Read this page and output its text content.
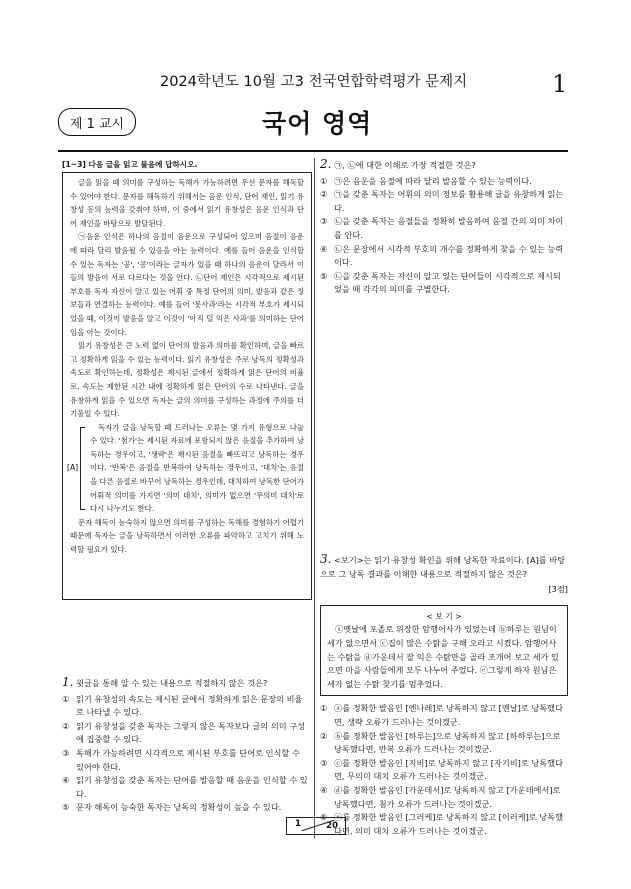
2024학년도 10월 고3 전국연합학력평가 문제지	1
제 1 교시	국어 영역
[1~3] 다음 글을 읽고 물음에 답하시오.

글을 읽을 때 의미를 구성하는 독해가 가능하려면 우선 문자를 해독할 수 있어야 한다. 문자를 해독하기 위해서는 음운 인식, 단어 재인, 읽기 유창성 등의 능력을 갖춰야 하며, 이 중에서 읽기 유창성은 음운 인식과 단어 재인을 바탕으로 발달된다.

㉠음운 인식은 하나의 음절이 음운으로 구성되어 있으며 음절이 음운에 따라 달리 발음될 수 있음을 아는 능력이다. 예를 들어 음운을 인식할 수 있는 독자는 '공', '콩'이라는 글자가 있을 때 하나의 음운이 달라서 이들의 발음이 서로 다르다는 것을 안다. ㉡단어 재인은 시각적으로 제시된 부호를 독자 자신이 알고 있는 어휘 중 특정 단어의 의미, 발음과 같은 정보들과 연결하는 능력이다. 예를 들어 '못사과'라는 시각적 부호가 제시되었을 때, 이것이 발음을 알고 이것이 '아직 덜 익은 사과'를 의미하는 단어임을 아는 것이다.

읽기 유창성은 큰 노력 없이 단어의 발음과 의미를 확인하며, 글을 빠르고 정확하게 읽을 수 있는 능력이다. 읽기 유창성은 주로 낭독의 정확성과 속도로 확인하는데, 정확성은 제시된 글에서 정확하게 읽은 단어의 비율로, 속도는 제한된 시간 내에 정확하게 읽은 단어의 수로 나타낸다. 글을 유창하게 읽을 수 있으면 독자는 글의 의미를 구성하는 과정에 주의를 더 기울일 수 있다.

[A]

독자가 글을 낭독할 때 드러나는 오류는 몇 가지 유형으로 나눌 수 있다. '첨가'는 제시된 자료에 포함되지 않은 음절을 추가하여 낭독하는 경우이고, '생략'은 제시된 음절을 빠뜨리고 낭독하는 경우이다. '반복'은 음절을 반복하여 낭독하는 경우이고, '대치'는 음절을 다른 음절로 바꾸어 낭독하는 경우인데, 대치하여 낭독한 단어가 어휘적 의미를 가지면 '의미 대치', 의미가 없으면 '무의미 대치'로 다시 나누기도 한다.

문자 해독이 능숙하지 않으면 의미를 구성하는 독해를 경험하기 어렵기 때문에 독자는 글을 낭독하면서 이러한 오류를 파악하고 고치기 위해 노력할 필요가 있다.

1. 윗글을 통해 알 수 있는 내용으로 적절하지 않은 것은?

① 읽기 유창성의 속도는 제시된 글에서 정확하게 읽은 문장의 비율로 나타낼 수 있다.
② 읽기 유창성을 갖춘 독자는 그렇지 않은 독자보다 글의 의미 구성에 집중할 수 있다.
③ 독해가 가능하려면 시각적으로 제시된 부호를 단어로 인식할 수 있어야 한다.
④ 읽기 유창성을 갖춘 독자는 단어를 발음할 때 음운을 인식할 수 있다.
⑤ 문자 해독이 능숙한 독자는 낭독의 정확성이 높을 수 있다.

2. ㉠, ㉡에 대한 이해로 가장 적절한 것은?

① ㉠은 음운을 음절에 따라 달리 발음할 수 있는 능력이다.
② ㉠을 갖춘 독자는 어휘의 의미 정보를 활용해 글을 유창하게 읽는다.
③ ㉡을 갖춘 독자는 음절들을 정확히 발음하여 음절 간의 의미 차이를 안다.
④ ㉡은 문장에서 시각적 부호의 개수를 정확하게 찾을 수 있는 능력이다.
⑤ ㉡을 갖춘 독자는 자신이 알고 있는 단어들이 시각적으로 제시되었을 때 각각의 의미를 구별한다.

3. <보기>는 읽기 유창성 확인을 위해 낭독한 자료이다. [A]를 바탕으로 그 낭독 결과를 이해한 내용으로 적절하지 않은 것은?

[3점]
< 보 기 >
ⓐ옛날에 포졸로 위장한 암행어사가 있었는데 ⓑ하루는 원님이 세가 없으면서 ⓒ집이 많은 수탉을 구해 오라고 시켰다. 암행어사는 수탉을 ⓓ가운데서 잘 익은 수탉만을 골라 조개어 보고 세가 있으면 마을 사람들에게 모두 나누어 주었다. ⓔ그렇게 하자 원님은 세가 없는 수탉 찾기를 멈추었다.
① ⓐ를 정확한 발음인 [엔나레]로 낭독하지 않고 [엔날]로 낭독했다면, 생략 오류가 드러나는 것이겠군.
② ⓑ를 정확한 발음인 [하루는]으로 낭독하지 않고 [하하루는]으로 낭독했다면, 반복 오류가 드러나는 것이겠군.
③ ⓒ를 정확한 발음인 [지비]로 낭독하지 않고 [자기비]로 낭독했다면, 무의미 대치 오류가 드러나는 것이겠군.
④ ⓓ를 정확한 발음인 [가운데서]로 낭독하지 않고 [가운데에서]로 낭독했다면, 첨가 오류가 드러나는 것이겠군.
⑤ ⓔ를 정확한 발음인 [그러케]로 낭독하지 않고 [이러케]로 낭독했다면, 의미 대치 오류가 드러나는 것이겠군.
1	20
